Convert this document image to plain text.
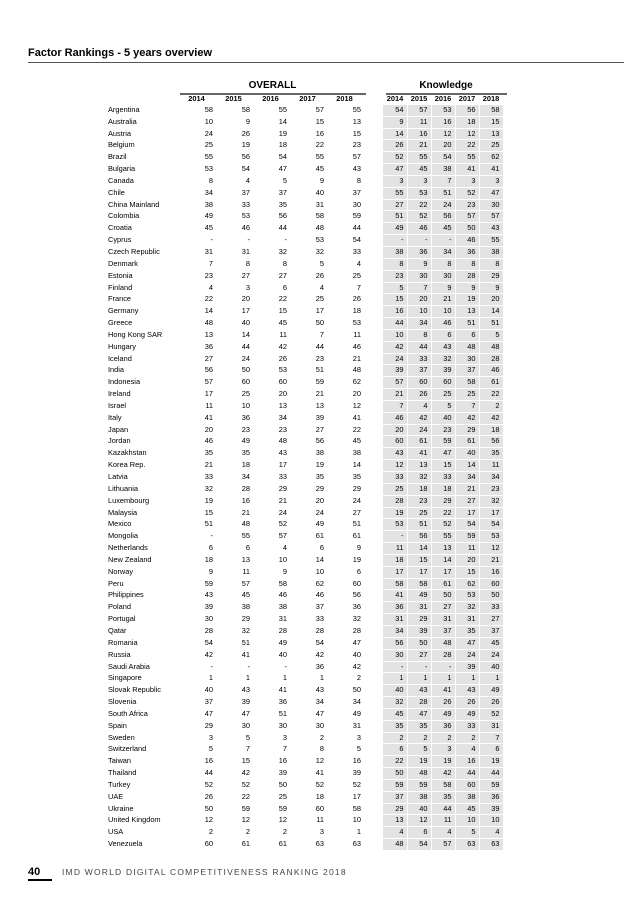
Factor Rankings - 5 years overview
OVERALL	Knowledge
	2014	2015	2016	2017	2018		2014	2015	2016	2017	2018
Argentina	58	58	55	57	55		54	57	53	56	58
Australia	10	9	14	15	13		9	11	16	18	15
Austria	24	26	19	16	15		14	16	12	12	13
Belgium	25	19	18	22	23		26	21	20	22	25
Brazil	55	56	54	55	57		52	55	54	55	62
Bulgaria	53	54	47	45	43		47	45	38	41	41
Canada	8	4	5	9	8		3	3	7	3	3
Chile	34	37	37	40	37		55	53	51	52	47
China Mainland	38	33	35	31	30		27	22	24	23	30
Colombia	49	53	56	58	59		51	52	56	57	57
Croatia	45	46	44	48	44		49	46	45	50	43
Cyprus	-	-	-	53	54		-	-	-	46	55
Czech Republic	31	31	32	32	33		38	36	34	36	38
Denmark	7	8	8	5	4		8	9	8	8	8
Estonia	23	27	27	26	25		23	30	30	28	29
Finland	4	3	6	4	7		5	7	9	9	9
France	22	20	22	25	26		15	20	21	19	20
Germany	14	17	15	17	18		16	10	10	13	14
Greece	48	40	45	50	53		44	34	46	51	51
Hong Kong SAR	13	14	11	7	11		10	8	6	6	5
Hungary	36	44	42	44	46		42	44	43	48	48
Iceland	27	24	26	23	21		24	33	32	30	28
India	56	50	53	51	48		39	37	39	37	46
Indonesia	57	60	60	59	62		57	60	60	58	61
Ireland	17	25	20	21	20		21	26	25	25	22
Israel	11	10	13	13	12		7	4	5	7	2
Italy	41	36	34	39	41		46	42	40	42	42
Japan	20	23	23	27	22		20	24	23	29	18
Jordan	46	49	48	56	45		60	61	59	61	56
Kazakhstan	35	35	43	38	38		43	41	47	40	35
Korea Rep.	21	18	17	19	14		12	13	15	14	11
Latvia	33	34	33	35	35		33	32	33	34	34
Lithuania	32	28	29	29	29		25	18	18	21	23
Luxembourg	19	16	21	20	24		28	23	29	27	32
Malaysia	15	21	24	24	27		19	25	22	17	17
Mexico	51	48	52	49	51		53	51	52	54	54
Mongolia	-	55	57	61	61		-	56	55	59	53
Netherlands	6	6	4	6	9		11	14	13	11	12
New Zealand	18	13	10	14	19		18	15	14	20	21
Norway	9	11	9	10	6		17	17	17	15	16
Peru	59	57	58	62	60		58	58	61	62	60
Philippines	43	45	46	46	56		41	49	50	53	50
Poland	39	38	38	37	36		36	31	27	32	33
Portugal	30	29	31	33	32		31	29	31	31	27
Qatar	28	32	28	28	28		34	39	37	35	37
Romania	54	51	49	54	47		56	50	48	47	45
Russia	42	41	40	42	40		30	27	28	24	24
Saudi Arabia	-	-	-	36	42		-	-	-	39	40
Singapore	1	1	1	1	2		1	1	1	1	1
Slovak Republic	40	43	41	43	50		40	43	41	43	49
Slovenia	37	39	36	34	34		32	28	26	26	26
South Africa	47	47	51	47	49		45	47	49	49	52
Spain	29	30	30	30	31		35	35	36	33	31
Sweden	3	5	3	2	3		2	2	2	2	7
Switzerland	5	7	7	8	5		6	5	3	4	6
Taiwan	16	15	16	12	16		22	19	19	16	19
Thailand	44	42	39	41	39		50	48	42	44	44
Turkey	52	52	50	52	52		59	59	58	60	59
UAE	26	22	25	18	17		37	38	35	38	36
Ukraine	50	59	59	60	58		29	40	44	45	39
United Kingdom	12	12	12	11	10		13	12	11	10	10
USA	2	2	2	3	1		4	6	4	5	4
Venezuela	60	61	61	63	63		48	54	57	63	63
40	IMD WORLD DIGITAL COMPETITIVENESS RANKING 2018
